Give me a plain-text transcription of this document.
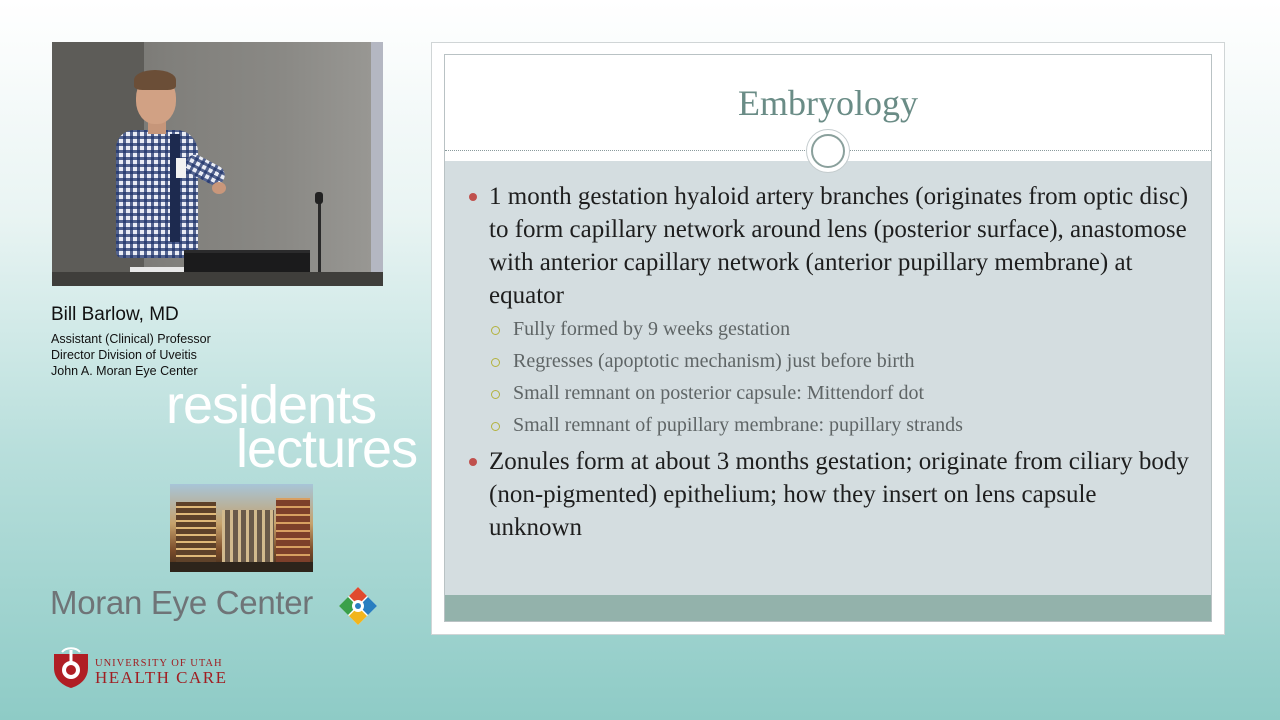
Bill Barlow, MD
Assistant (Clinical) Professor
Director Division of Uveitis
John A. Moran Eye Center
residents
lectures
Moran Eye Center
UNIVERSITY OF UTAH
HEALTH CARE
Embryology
1 month gestation hyaloid artery branches (originates from optic disc) to form capillary network around lens (posterior surface), anastomose with anterior capillary network (anterior pupillary membrane) at equator
Fully formed by 9 weeks gestation
Regresses (apoptotic mechanism) just before birth
Small remnant on posterior capsule: Mittendorf dot
Small remnant of pupillary membrane: pupillary strands
Zonules form at about 3 months gestation; originate from ciliary body (non-pigmented) epithelium; how they insert on lens capsule unknown
